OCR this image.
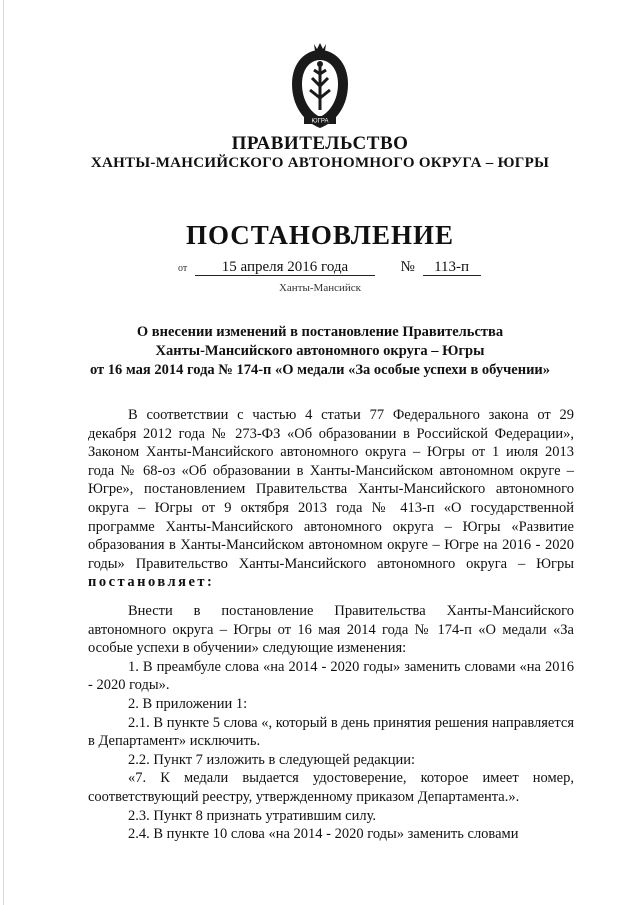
ЮГРА
ПРАВИТЕЛЬСТВО
ХАНТЫ-МАНСИЙСКОГО АВТОНОМНОГО ОКРУГА – ЮГРЫ
ПОСТАНОВЛЕНИЕ
от 15 апреля 2016 года	№ 113-п
Ханты-Мансийск
О внесении изменений в постановление Правительства
Ханты-Мансийского автономного округа – Югры
от 16 мая 2014 года № 174-п «О медали «За особые успехи в обучении»

В соответствии с частью 4 статьи 77 Федерального закона от 29 декабря 2012 года № 273-ФЗ «Об образовании в Российской Федерации», Законом Ханты-Мансийского автономного округа – Югры от 1 июля 2013 года № 68-оз «Об образовании в Ханты-Мансийском автономном округе – Югре», постановлением Правительства Ханты-Мансийского автономного округа – Югры от 9 октября 2013 года № 413-п «О государственной программе Ханты-Мансийского автономного округа – Югры «Развитие образования в Ханты-Мансийском автономном округе – Югре на 2016 - 2020 годы» Правительство Ханты-Мансийского автономного округа – Югры постановляет:

Внести в постановление Правительства Ханты-Мансийского автономного округа – Югры от 16 мая 2014 года № 174-п «О медали «За особые успехи в обучении» следующие изменения:

1. В преамбуле слова «на 2014 - 2020 годы» заменить словами «на 2016 - 2020 годы».

2. В приложении 1:

2.1. В пункте 5 слова «, который в день принятия решения направляется в Департамент» исключить.

2.2. Пункт 7 изложить в следующей редакции:

«7. К медали выдается удостоверение, которое имеет номер, соответствующий реестру, утвержденному приказом Департамента.».

2.3. Пункт 8 признать утратившим силу.

2.4. В пункте 10 слова «на 2014 - 2020 годы» заменить словами
